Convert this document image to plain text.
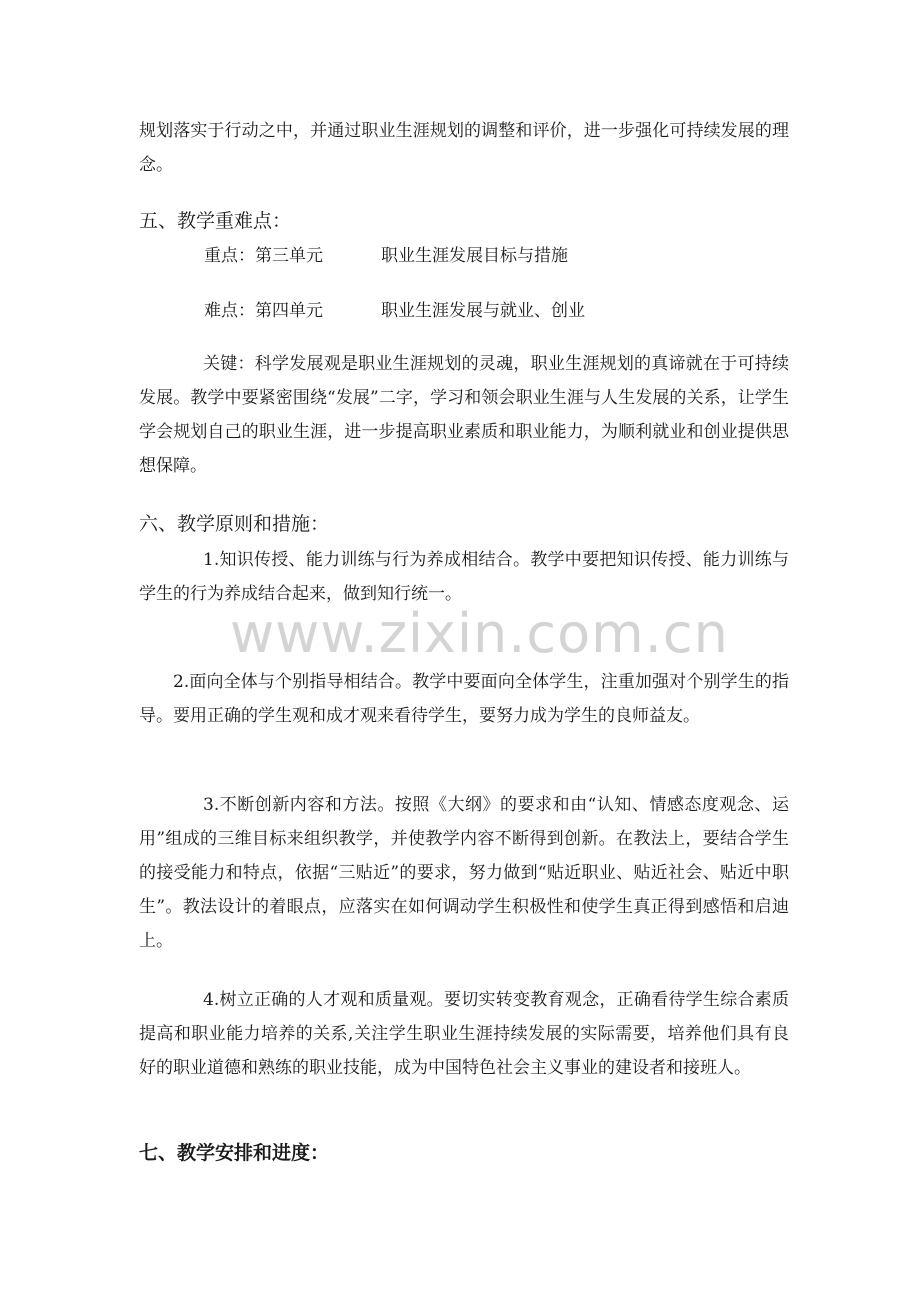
规划落实于行动之中，并通过职业生涯规划的调整和评价，进一步强化可持续发展的理念。

五、教学重难点：
重点：第三单元	职业生涯发展目标与措施
难点：第四单元	职业生涯发展与就业、创业

关键：科学发展观是职业生涯规划的灵魂，职业生涯规划的真谛就在于可持续发展。教学中要紧密围绕“发展”二字，学习和领会职业生涯与人生发展的关系，让学生学会规划自己的职业生涯，进一步提高职业素质和职业能力，为顺利就业和创业提供思想保障。

六、教学原则和措施：

1.知识传授、能力训练与行为养成相结合。教学中要把知识传授、能力训练与学生的行为养成结合起来，做到知行统一。

2.面向全体与个别指导相结合。教学中要面向全体学生，注重加强对个别学生的指导。要用正确的学生观和成才观来看待学生，要努力成为学生的良师益友。

3.不断创新内容和方法。按照《大纲》的要求和由“认知、情感态度观念、运用”组成的三维目标来组织教学，并使教学内容不断得到创新。在教法上，要结合学生的接受能力和特点，依据“三贴近”的要求，努力做到“贴近职业、贴近社会、贴近中职生”。教法设计的着眼点，应落实在如何调动学生积极性和使学生真正得到感悟和启迪上。

4.树立正确的人才观和质量观。要切实转变教育观念，正确看待学生综合素质提高和职业能力培养的关系,关注学生职业生涯持续发展的实际需要，培养他们具有良好的职业道德和熟练的职业技能，成为中国特色社会主义事业的建设者和接班人。

七、教学安排和进度：
www.zixin.com.cn
